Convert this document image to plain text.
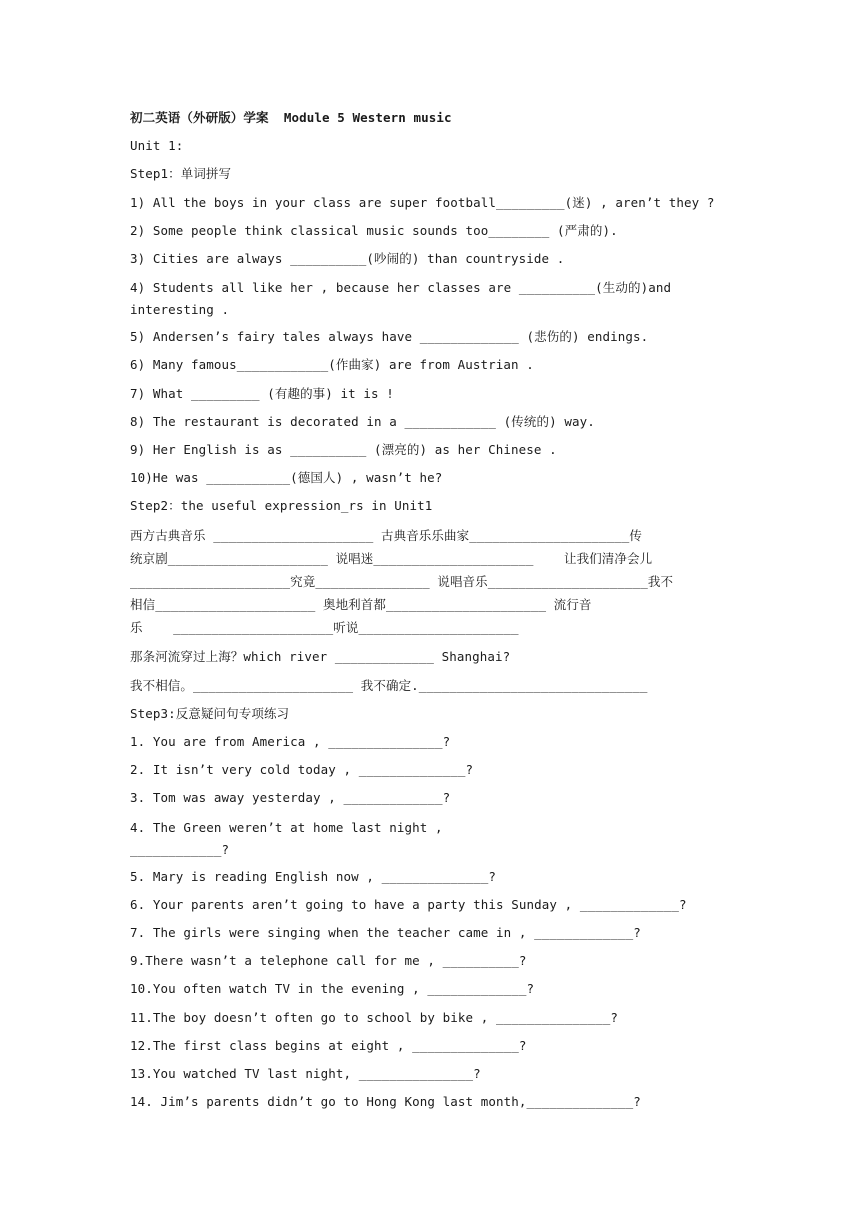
初二英语（外研版）学案  Module 5 Western music
Unit 1:
Step1：单词拼写
1) All the boys in your class are super football_________(迷) , aren’t they ?
2) Some people think classical music sounds too________ (严肃的).
3) Cities are always __________(吵闹的) than countryside .
4) Students all like her , because her classes are __________(生动的)and
interesting .
5) Andersen’s fairy tales always have _____________ (悲伤的) endings.
6) Many famous____________(作曲家) are from Austrian .
7) What _________ (有趣的事) it is !
8) The restaurant is decorated in a ____________ (传统的) way.
9) Her English is as __________ (漂亮的) as her Chinese .
10)He was ___________(德国人) , wasn’t he?
Step2：the useful expression_rs in Unit1
西方古典音乐 _____________________ 古典音乐乐曲家_____________________传
统京剧_____________________ 说唱迷_____________________    让我们清净会儿
_____________________究竟_______________ 说唱音乐_____________________我不
相信_____________________ 奥地利首都_____________________ 流行音
乐    _____________________听说_____________________
那条河流穿过上海？which river _____________ Shanghai?
我不相信。_____________________ 我不确定.______________________________
Step3:反意疑问句专项练习
1. You are from America , _______________?
2. It isn’t very cold today , ______________?
3. Tom was away yesterday , _____________?
4. The Green weren’t at home last night ,
____________?
5. Mary is reading English now , ______________?
6. Your parents aren’t going to have a party this Sunday , _____________?
7. The girls were singing when the teacher came in , _____________?
9.There wasn’t a telephone call for me , __________?
10.You often watch TV in the evening , _____________?
11.The boy doesn’t often go to school by bike , _______________?
12.The first class begins at eight , ______________?
13.You watched TV last night, _______________?
14. Jim’s parents didn’t go to Hong Kong last month,______________?
